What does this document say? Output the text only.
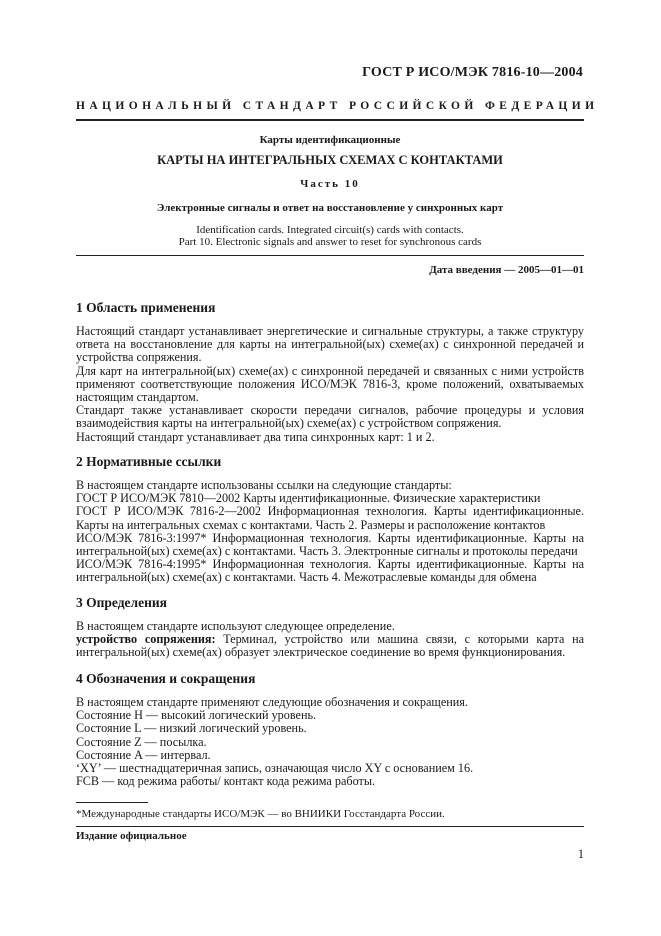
ГОСТ Р ИСО/МЭК 7816-10—2004
НАЦИОНАЛЬНЫЙ СТАНДАРТ РОССИЙСКОЙ ФЕДЕРАЦИИ
Карты идентификационные
КАРТЫ НА ИНТЕГРАЛЬНЫХ СХЕМАХ С КОНТАКТАМИ
Часть 10
Электронные сигналы и ответ на восстановление у синхронных карт
Identification cards. Integrated circuit(s) cards with contacts.
Part 10. Electronic signals and answer to reset for synchronous cards
Дата введения — 2005—01—01
1 Область применения
Настоящий стандарт устанавливает энергетические и сигнальные структуры, а также структуру
ответа на восстановление для карты на интегральной(ых) схеме(ах) с синхронной передачей и
устройства сопряжения.
Для карт на интегральной(ых) схеме(ах) с синхронной передачей и связанных с ними устройств
применяют соответствующие положения ИСО/МЭК 7816-3, кроме положений, охватываемых
настоящим стандартом.
Стандарт также устанавливает скорости передачи сигналов, рабочие процедуры и условия
взаимодействия карты на интегральной(ых) схеме(ах) с устройством сопряжения.
Настоящий стандарт устанавливает два типа синхронных карт: 1 и 2.
2 Нормативные ссылки
В настоящем стандарте использованы ссылки на следующие стандарты:
ГОСТ Р ИСО/МЭК 7810—2002 Карты идентификационные. Физические характеристики
ГОСТ Р ИСО/МЭК 7816-2—2002 Информационная технология. Карты идентификационные.
Карты на интегральных схемах с контактами. Часть 2. Размеры и расположение контактов
ИСО/МЭК 7816-3:1997* Информационная технология. Карты идентификационные. Карты на
интегральной(ых) схеме(ах) с контактами. Часть 3. Электронные сигналы и протоколы передачи
ИСО/МЭК 7816-4:1995* Информационная технология. Карты идентификационные. Карты на
интегральной(ых) схеме(ах) с контактами. Часть 4. Межотраслевые команды для обмена
3 Определения
В настоящем стандарте используют следующее определение.
устройство сопряжения: Терминал, устройство или машина связи, с которыми карта на
интегральной(ых) схеме(ах) образует электрическое соединение во время функционирования.
4 Обозначения и сокращения
В настоящем стандарте применяют следующие обозначения и сокращения.
Состояние H — высокий логический уровень.
Состояние L — низкий логический уровень.
Состояние Z — посылка.
Состояние A — интервал.
‘XY’ — шестнадцатеричная запись, означающая число XY с основанием 16.
FCB — код режима работы/ контакт кода режима работы.
*Международные стандарты ИСО/МЭК — во ВНИИКИ Госстандарта России.
Издание официальное
1
